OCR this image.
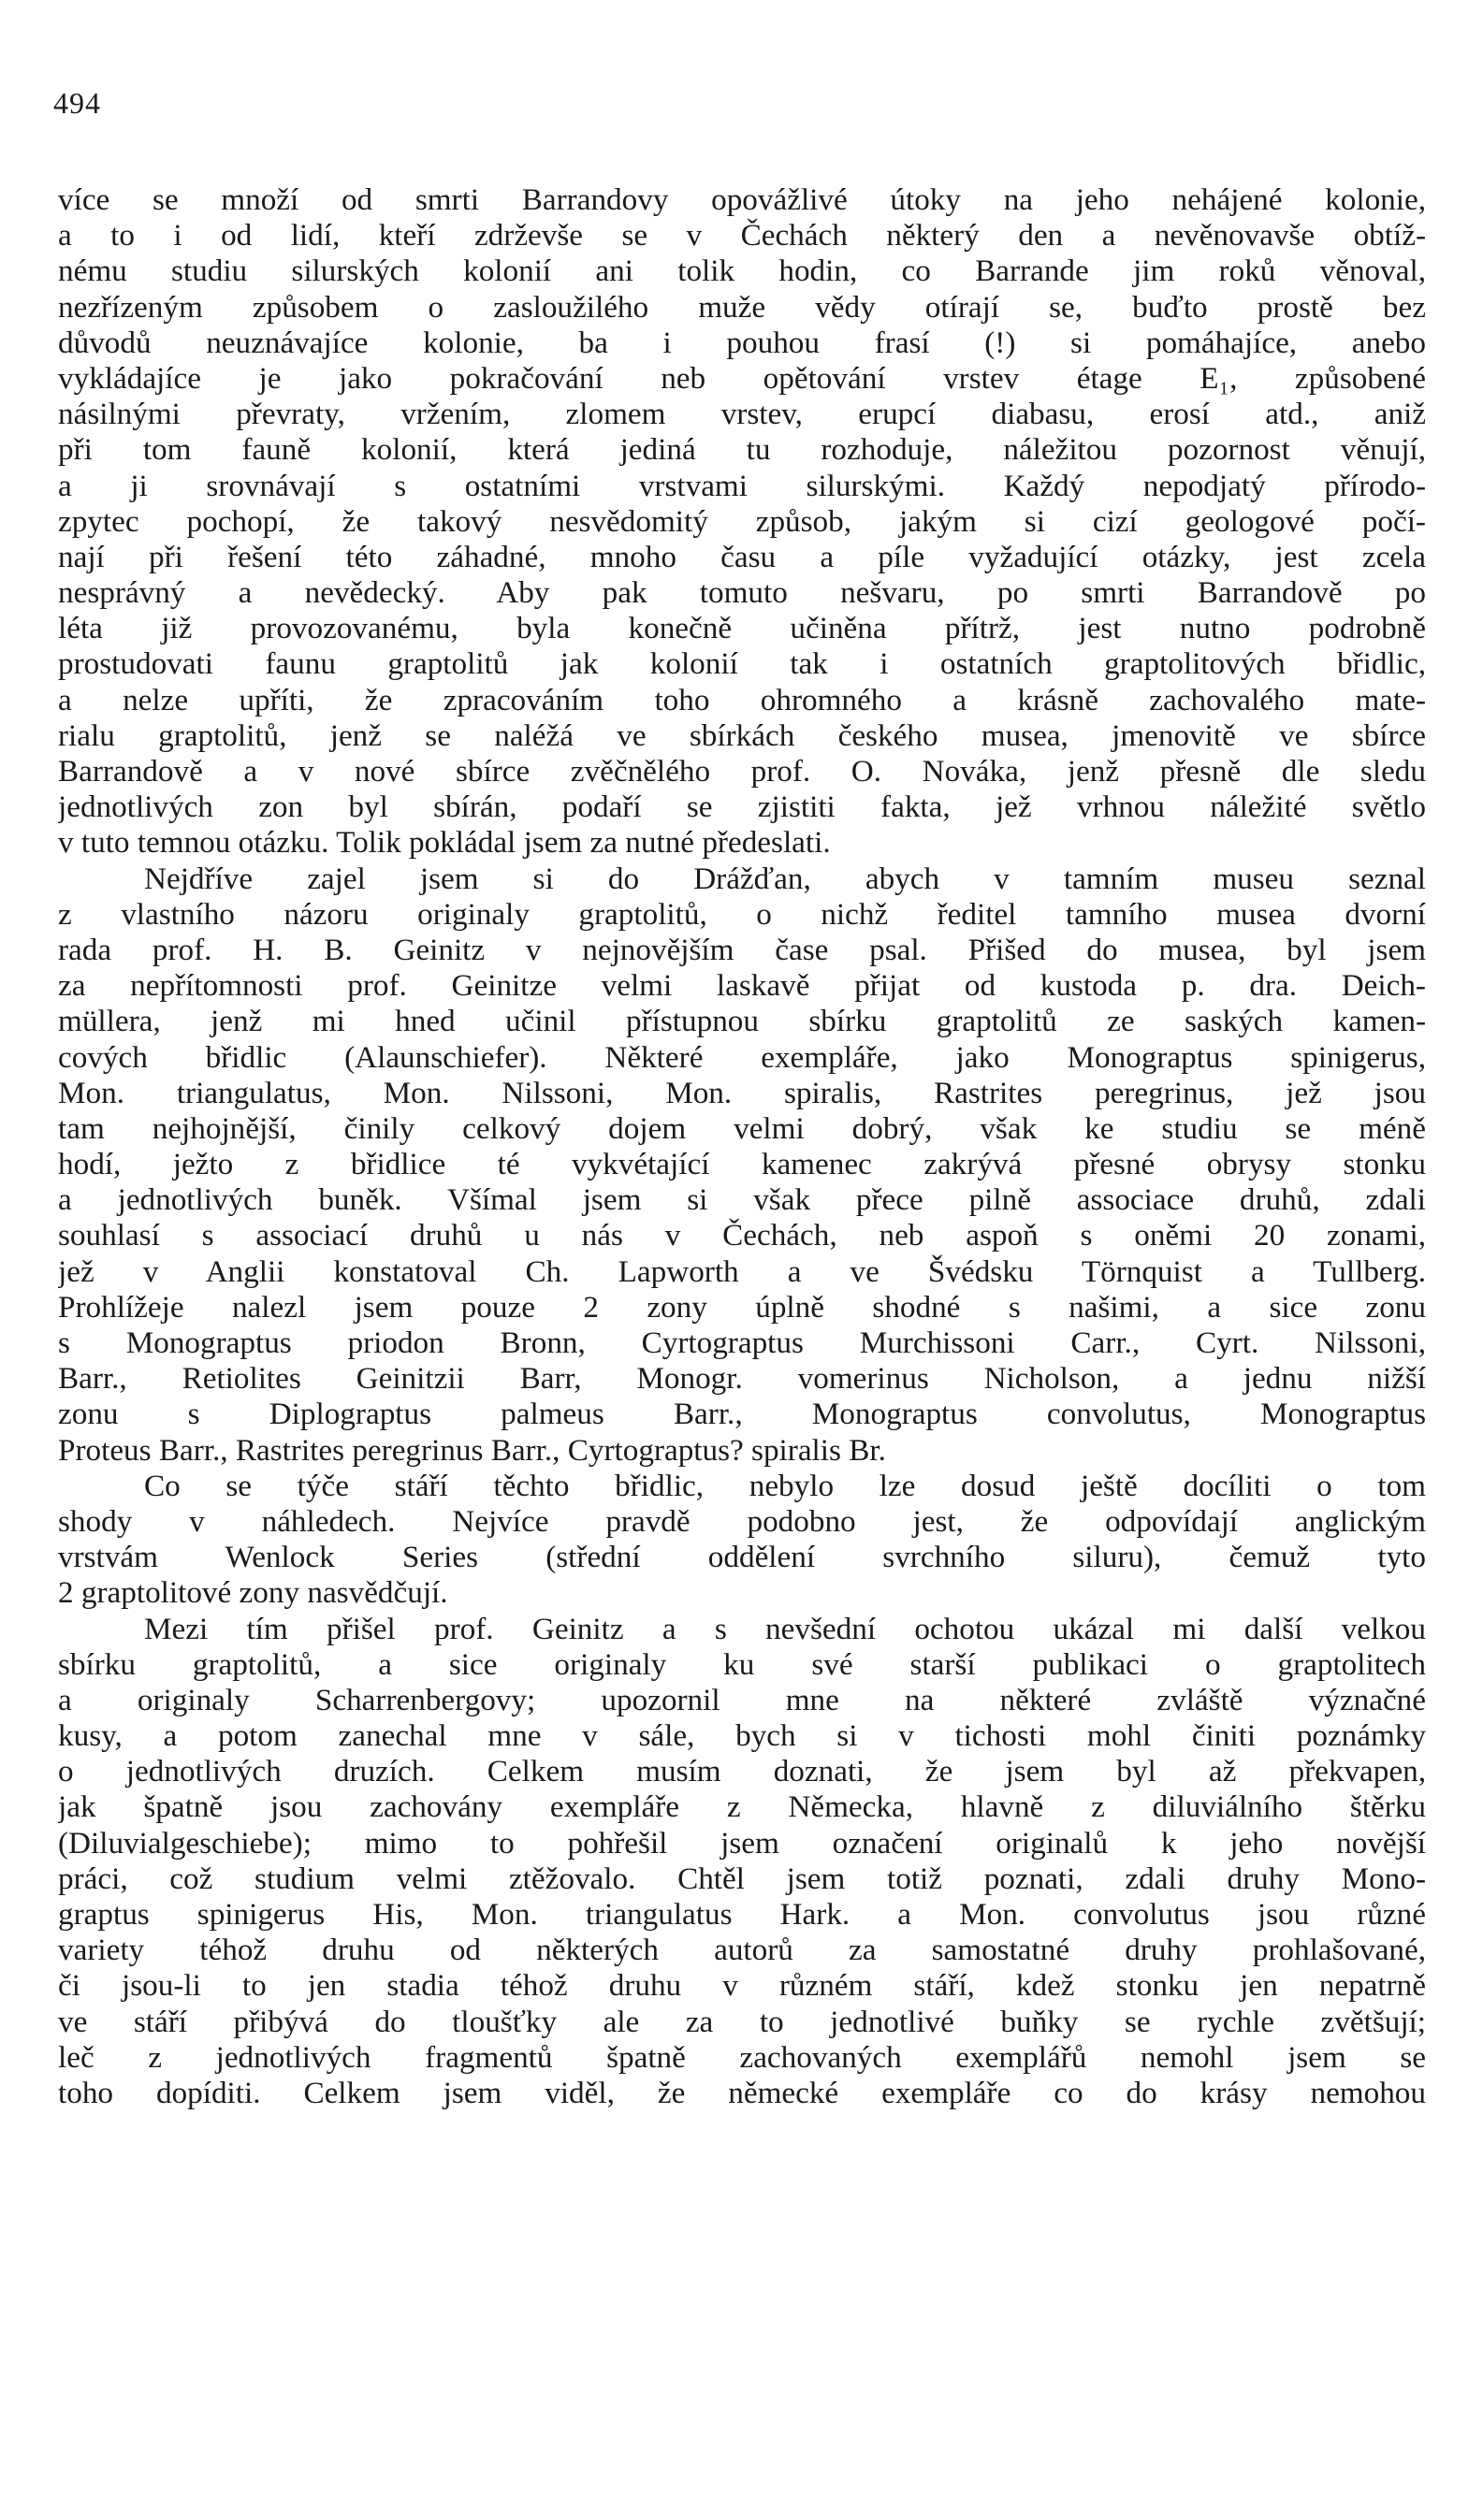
494
více se množí od smrti Barrandovy opovážlivé útoky na jeho nehájené kolonie,
a to i od lidí, kteří zdrževše se v Čechách některý den a nevěnovavše obtíž-
nému studiu silurských kolonií ani tolik hodin, co Barrande jim roků věnoval,
nezřízeným způsobem o zasloužilého muže vědy otírají se, buďto prostě bez
důvodů neuznávajíce kolonie, ba i pouhou frasí (!) si pomáhajíce, anebo
vykládajíce je jako pokračování neb opětování vrstev étage E₁, způsobené
násilnými převraty, vržením, zlomem vrstev, erupcí diabasu, erosí atd., aniž
při tom fauně kolonií, která jediná tu rozhoduje, náležitou pozornost věnují,
a ji srovnávají s ostatními vrstvami silurskými. Každý nepodjatý přírodo-
zpytec pochopí, že takový nesvědomitý způsob, jakým si cizí geologové počí-
nají při řešení této záhadné, mnoho času a píle vyžadující otázky, jest zcela
nesprávný a nevědecký. Aby pak tomuto nešvaru, po smrti Barrandově po
léta již provozovanému, byla konečně učiněna přítrž, jest nutno podrobně
prostudovati faunu graptolitů jak kolonií tak i ostatních graptolitových břidlic,
a nelze upříti, že zpracováním toho ohromného a krásně zachovalého mate-
rialu graptolitů, jenž se naléžá ve sbírkách českého musea, jmenovitě ve sbírce
Barrandově a v nové sbírce zvěčnělého prof. O. Nováka, jenž přesně dle sledu
jednotlivých zon byl sbírán, podaří se zjistiti fakta, jež vrhnou náležité světlo
v tuto temnou otázku. Tolik pokládal jsem za nutné předeslati.
Nejdříve zajel jsem si do Drážďan, abych v tamním museu seznal
z vlastního názoru originaly graptolitů, o nichž ředitel tamního musea dvorní
rada prof. H. B. Geinitz v nejnovějším čase psal. Přišed do musea, byl jsem
za nepřítomnosti prof. Geinitze velmi laskavě přijat od kustoda p. dra. Deich-
müllera, jenž mi hned učinil přístupnou sbírku graptolitů ze saských kamen-
cových břidlic (Alaunschiefer). Některé exempláře, jako Monograptus spinigerus,
Mon. triangulatus, Mon. Nilssoni, Mon. spiralis, Rastrites peregrinus, jež jsou
tam nejhojnější, činily celkový dojem velmi dobrý, však ke studiu se méně
hodí, ježto z břidlice té vykvétající kamenec zakrývá přesné obrysy stonku
a jednotlivých buněk. Všímal jsem si však přece pilně associace druhů, zdali
souhlasí s associací druhů u nás v Čechách, neb aspoň s oněmi 20 zonami,
jež v Anglii konstatoval Ch. Lapworth a ve Švédsku Törnquist a Tullberg.
Prohlížeje nalezl jsem pouze 2 zony úplně shodné s našimi, a sice zonu
s Monograptus priodon Bronn, Cyrtograptus Murchissoni Carr., Cyrt. Nilssoni,
Barr., Retiolites Geinitzii Barr, Monogr. vomerinus Nicholson, a jednu nižší
zonu s Diplograptus palmeus Barr., Monograptus convolutus, Monograptus
Proteus Barr., Rastrites peregrinus Barr., Cyrtograptus? spiralis Br.
Co se týče stáří těchto břidlic, nebylo lze dosud ještě docíliti o tom
shody v náhledech. Nejvíce pravdě podobno jest, že odpovídají anglickým
vrstvám Wenlock Series (střední oddělení svrchního siluru), čemuž tyto
2 graptolitové zony nasvědčují.
Mezi tím přišel prof. Geinitz a s nevšední ochotou ukázal mi další velkou
sbírku graptolitů, a sice originaly ku své starší publikaci o graptolitech
a originaly Scharrenbergovy; upozornil mne na některé zvláště význačné
kusy, a potom zanechal mne v sále, bych si v tichosti mohl činiti poznámky
o jednotlivých druzích. Celkem musím doznati, že jsem byl až překvapen,
jak špatně jsou zachovány exempláře z Německa, hlavně z diluviálního štěrku
(Diluvialgeschiebe); mimo to pohřešil jsem označení originalů k jeho novější
práci, což studium velmi ztěžovalo. Chtěl jsem totiž poznati, zdali druhy Mono-
graptus spinigerus His, Mon. triangulatus Hark. a Mon. convolutus jsou různé
variety téhož druhu od některých autorů za samostatné druhy prohlašované,
či jsou-li to jen stadia téhož druhu v různém stáří, kdež stonku jen nepatrně
ve stáří přibývá do tloušťky ale za to jednotlivé buňky se rychle zvětšují;
leč z jednotlivých fragmentů špatně zachovaných exemplářů nemohl jsem se
toho dopíditi. Celkem jsem viděl, že německé exempláře co do krásy nemohou
